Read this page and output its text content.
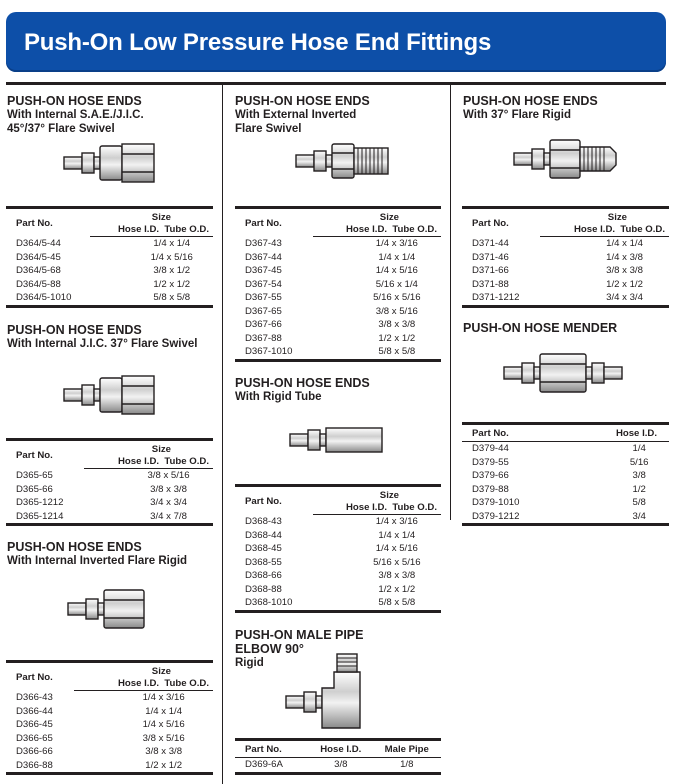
Push-On Low Pressure Hose End Fittings
PUSH-ON HOSE ENDS
With Internal S.A.E./J.I.C.
45°/37° Flare Swivel
Part No.	Size
	Hose I.D. Tube O.D.
D364/5-44	1/4 x 1/4
D364/5-45	1/4 x 5/16
D364/5-68	3/8 x 1/2
D364/5-88	1/2 x 1/2
D364/5-1010	5/8 x 5/8
PUSH-ON HOSE ENDS
With Internal J.I.C. 37° Flare Swivel
Part No.	Size
	Hose I.D. Tube O.D.
D365-65	3/8 x 5/16
D365-66	3/8 x 3/8
D365-1212	3/4 x 3/4
D365-1214	3/4 x 7/8
PUSH-ON HOSE ENDS
With Internal Inverted Flare Rigid
Part No.	Size
	Hose I.D. Tube O.D.
D366-43	1/4 x 3/16
D366-44	1/4 x 1/4
D366-45	1/4 x 5/16
D366-65	3/8 x 5/16
D366-66	3/8 x 3/8
D366-88	1/2 x 1/2
PUSH-ON HOSE ENDS
With External Inverted
Flare Swivel
Part No.	Size
	Hose I.D. Tube O.D.
D367-43	1/4 x 3/16
D367-44	1/4 x 1/4
D367-45	1/4 x 5/16
D367-54	5/16 x 1/4
D367-55	5/16 x 5/16
D367-65	3/8 x 5/16
D367-66	3/8 x 3/8
D367-88	1/2 x 1/2
D367-1010	5/8 x 5/8
PUSH-ON HOSE ENDS
With Rigid Tube
Part No.	Size
	Hose I.D. Tube O.D.
D368-43	1/4 x 3/16
D368-44	1/4 x 1/4
D368-45	1/4 x 5/16
D368-55	5/16 x 5/16
D368-66	3/8 x 3/8
D368-88	1/2 x 1/2
D368-1010	5/8 x 5/8
PUSH-ON MALE PIPE
ELBOW 90°
Rigid
Part No.	Hose I.D.	Male Pipe
D369-6A	3/8	1/8
PUSH-ON HOSE ENDS
With 37° Flare Rigid
Part No.	Size
	Hose I.D. Tube O.D.
D371-44	1/4 x 1/4
D371-46	1/4 x 3/8
D371-66	3/8 x 3/8
D371-88	1/2 x 1/2
D371-1212	3/4 x 3/4
PUSH-ON HOSE MENDER
Part No.	Hose I.D.
D379-44	1/4
D379-55	5/16
D379-66	3/8
D379-88	1/2
D379-1010	5/8
D379-1212	3/4
